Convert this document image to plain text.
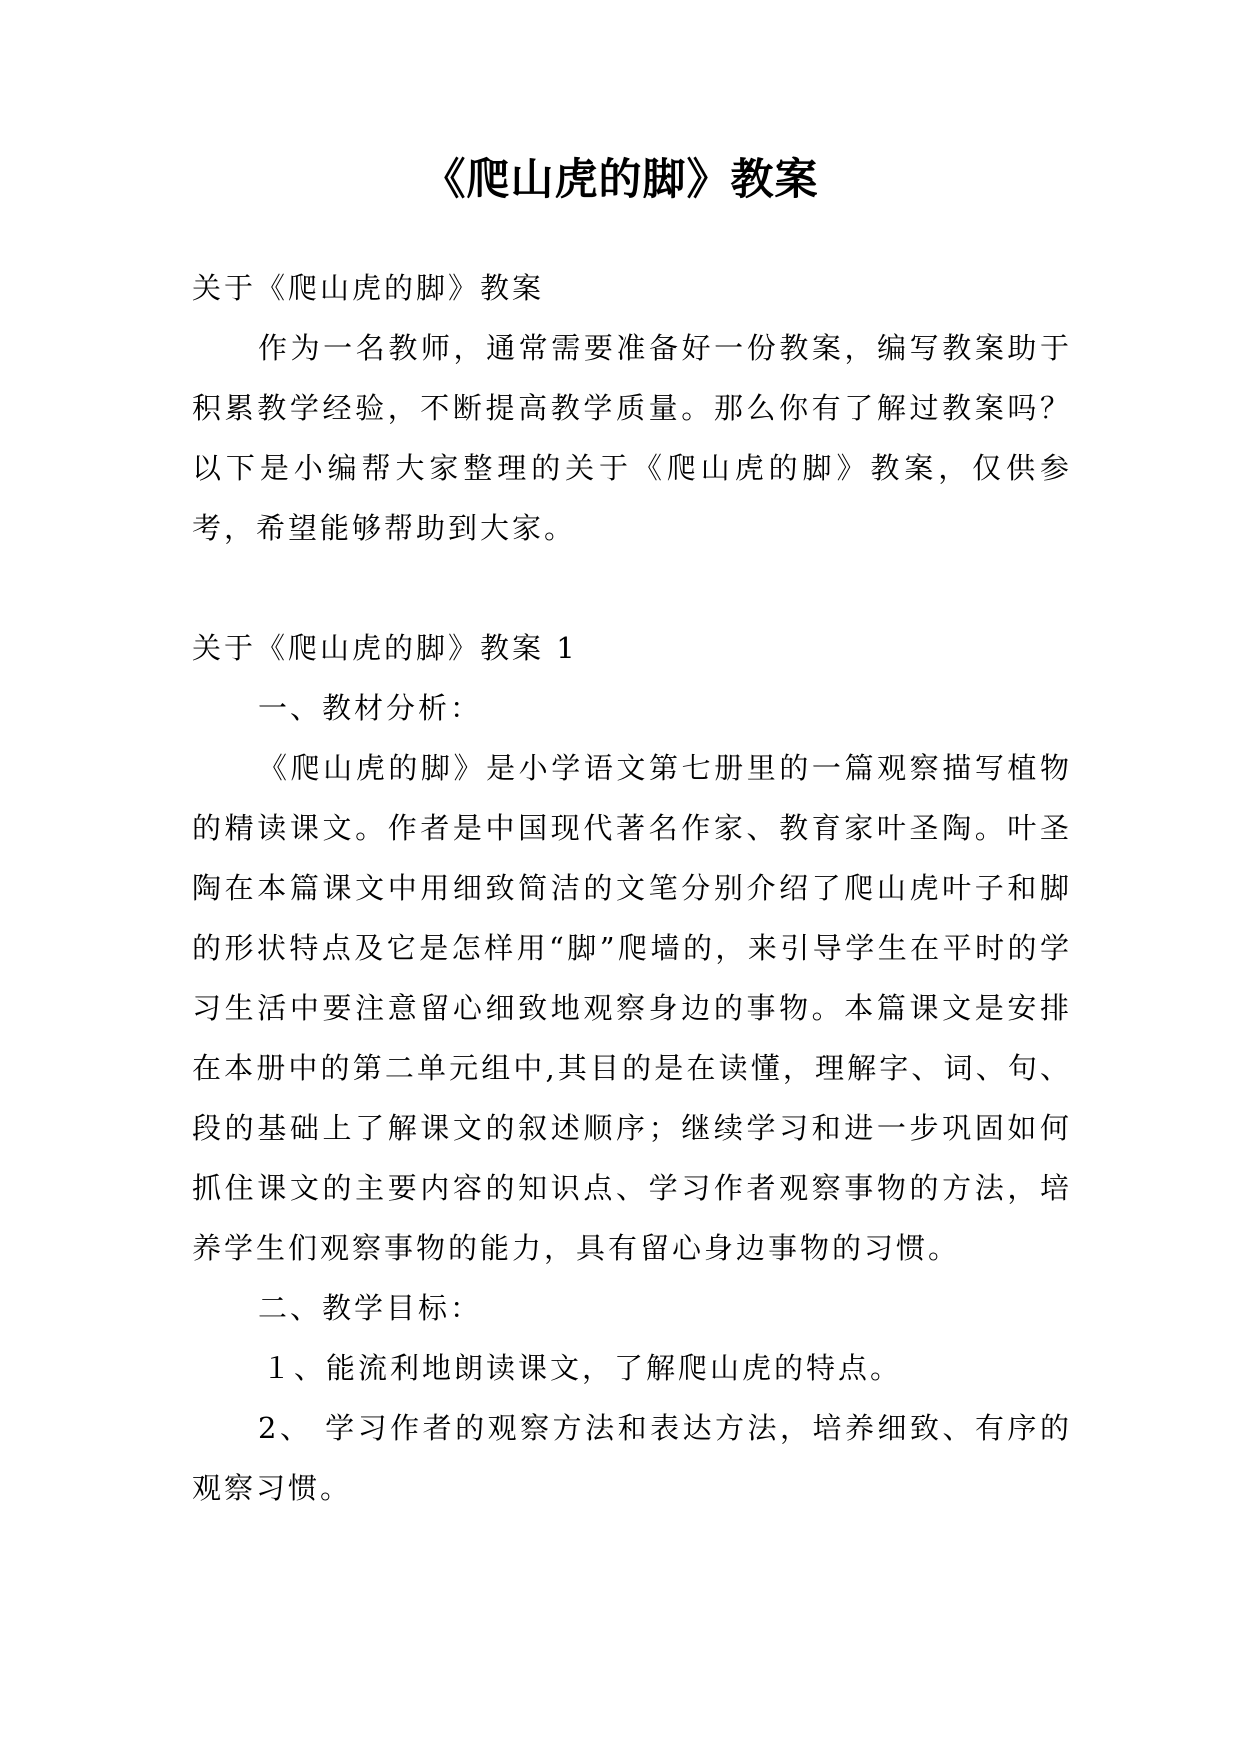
《爬山虎的脚》教案

关于《爬山虎的脚》教案

作为一名教师，通常需要准备好一份教案，编写教案助于积累教学经验，不断提高教学质量。那么你有了解过教案吗？以下是小编帮大家整理的关于《爬山虎的脚》教案，仅供参考，希望能够帮助到大家。

关于《爬山虎的脚》教案 1

一、教材分析：

《爬山虎的脚》是小学语文第七册里的一篇观察描写植物的精读课文。作者是中国现代著名作家、教育家叶圣陶。叶圣陶在本篇课文中用细致简洁的文笔分别介绍了爬山虎叶子和脚的形状特点及它是怎样用“脚”爬墙的，来引导学生在平时的学习生活中要注意留心细致地观察身边的事物。本篇课文是安排在本册中的第二单元组中,其目的是在读懂，理解字、词、句、段的基础上了解课文的叙述顺序；继续学习和进一步巩固如何抓住课文的主要内容的知识点、学习作者观察事物的方法，培养学生们观察事物的能力，具有留心身边事物的习惯。

二、教学目标：

１、能流利地朗读课文，了解爬山虎的特点。

2、 学习作者的观察方法和表达方法，培养细致、有序的观察习惯。
